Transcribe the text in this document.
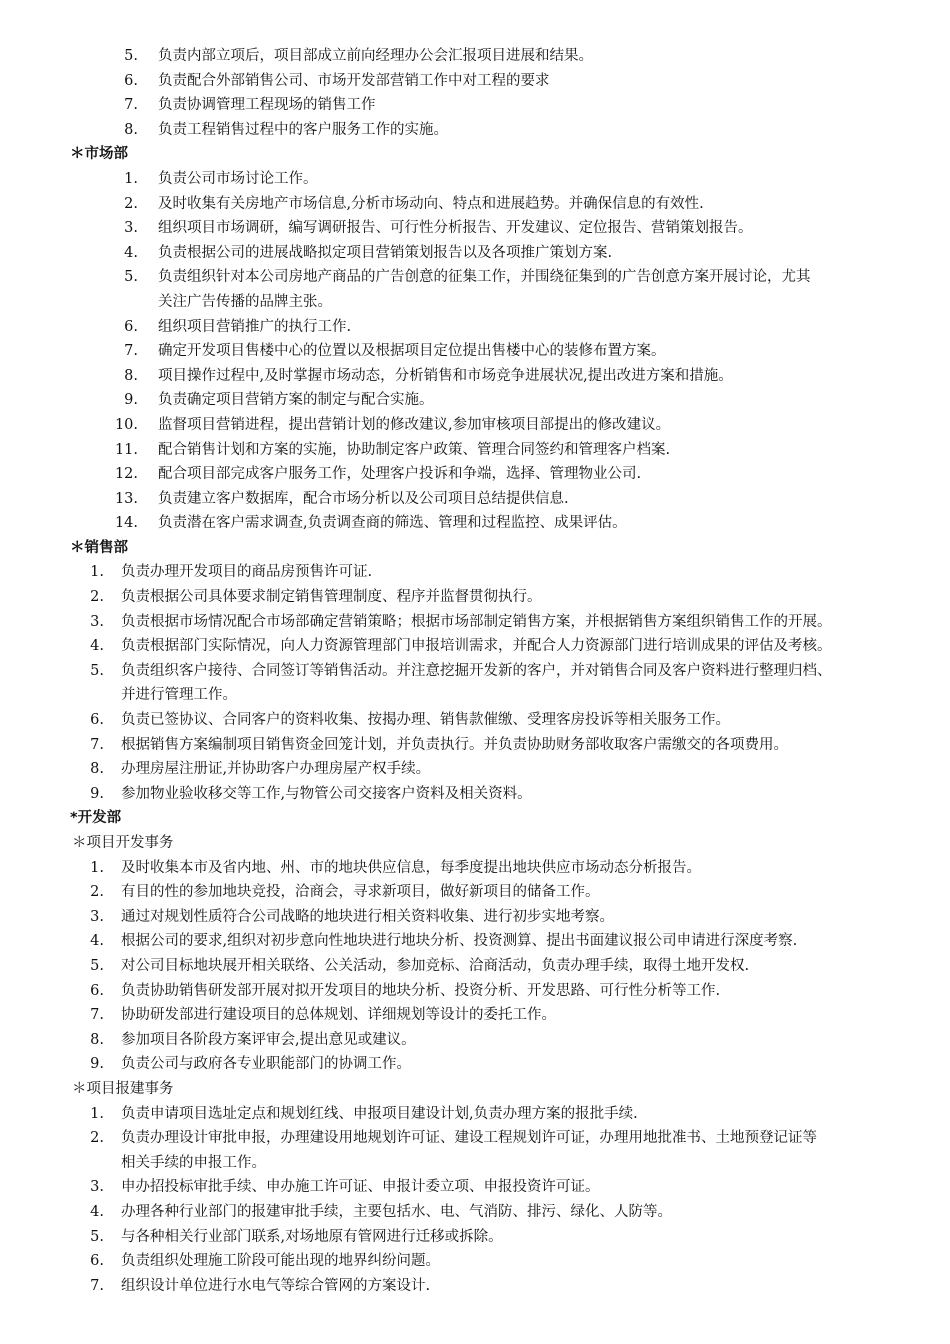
5. 负责内部立项后，项目部成立前向经理办公会汇报项目进展和结果。
6. 负责配合外部销售公司、市场开发部营销工作中对工程的要求
7. 负责协调管理工程现场的销售工作
8. 负责工程销售过程中的客户服务工作的实施。
＊市场部
1. 负责公司市场讨论工作。
2. 及时收集有关房地产市场信息,分析市场动向、特点和进展趋势。并确保信息的有效性.
3. 组织项目市场调研，编写调研报告、可行性分析报告、开发建议、定位报告、营销策划报告。
4. 负责根据公司的进展战略拟定项目营销策划报告以及各项推广策划方案.
5. 负责组织针对本公司房地产商品的广告创意的征集工作，并围绕征集到的广告创意方案开展讨论，尤其
关注广告传播的品牌主张。
6. 组织项目营销推广的执行工作.
7. 确定开发项目售楼中心的位置以及根据项目定位提出售楼中心的装修布置方案。
8. 项目操作过程中,及时掌握市场动态，分析销售和市场竞争进展状况,提出改进方案和措施。
9. 负责确定项目营销方案的制定与配合实施。
10. 监督项目营销进程，提出营销计划的修改建议,参加审核项目部提出的修改建议。
11. 配合销售计划和方案的实施，协助制定客户政策、管理合同签约和管理客户档案.
12. 配合项目部完成客户服务工作，处理客户投诉和争端，选择、管理物业公司.
13. 负责建立客户数据库，配合市场分析以及公司项目总结提供信息.
14. 负责潜在客户需求调查,负责调查商的筛选、管理和过程监控、成果评估。
＊销售部
1. 负责办理开发项目的商品房预售许可证.
2. 负责根据公司具体要求制定销售管理制度、程序并监督贯彻执行。
3. 负责根据市场情况配合市场部确定营销策略；根据市场部制定销售方案，并根据销售方案组织销售工作的开展。
4. 负责根据部门实际情况，向人力资源管理部门申报培训需求，并配合人力资源部门进行培训成果的评估及考核。
5. 负责组织客户接待、合同签订等销售活动。并注意挖掘开发新的客户，并对销售合同及客户资料进行整理归档、
并进行管理工作。
6. 负责已签协议、合同客户的资料收集、按揭办理、销售款催缴、受理客房投诉等相关服务工作。
7. 根据销售方案编制项目销售资金回笼计划，并负责执行。并负责协助财务部收取客户需缴交的各项费用。
8. 办理房屋注册证,并协助客户办理房屋产权手续。
9. 参加物业验收移交等工作,与物管公司交接客户资料及相关资料。
*开发部
＊项目开发事务
1. 及时收集本市及省内地、州、市的地块供应信息，每季度提出地块供应市场动态分析报告。
2. 有目的性的参加地块竞投，洽商会，寻求新项目，做好新项目的储备工作。
3. 通过对规划性质符合公司战略的地块进行相关资料收集、进行初步实地考察。
4. 根据公司的要求,组织对初步意向性地块进行地块分析、投资测算、提出书面建议报公司申请进行深度考察.
5. 对公司目标地块展开相关联络、公关活动，参加竞标、洽商活动，负责办理手续，取得土地开发权.
6. 负责协助销售研发部开展对拟开发项目的地块分析、投资分析、开发思路、可行性分析等工作.
7. 协助研发部进行建设项目的总体规划、详细规划等设计的委托工作。
8. 参加项目各阶段方案评审会,提出意见或建议。
9. 负责公司与政府各专业职能部门的协调工作。
＊项目报建事务
1. 负责申请项目选址定点和规划红线、申报项目建设计划,负责办理方案的报批手续.
2. 负责办理设计审批申报，办理建设用地规划许可证、建设工程规划许可证，办理用地批准书、土地预登记证等
相关手续的申报工作。
3. 申办招投标审批手续、申办施工许可证、申报计委立项、申报投资许可证。
4. 办理各种行业部门的报建审批手续，主要包括水、电、气消防、排污、绿化、人防等。
5. 与各种相关行业部门联系,对场地原有管网进行迁移或拆除。
6. 负责组织处理施工阶段可能出现的地界纠纷问题。
7. 组织设计单位进行水电气等综合管网的方案设计.
